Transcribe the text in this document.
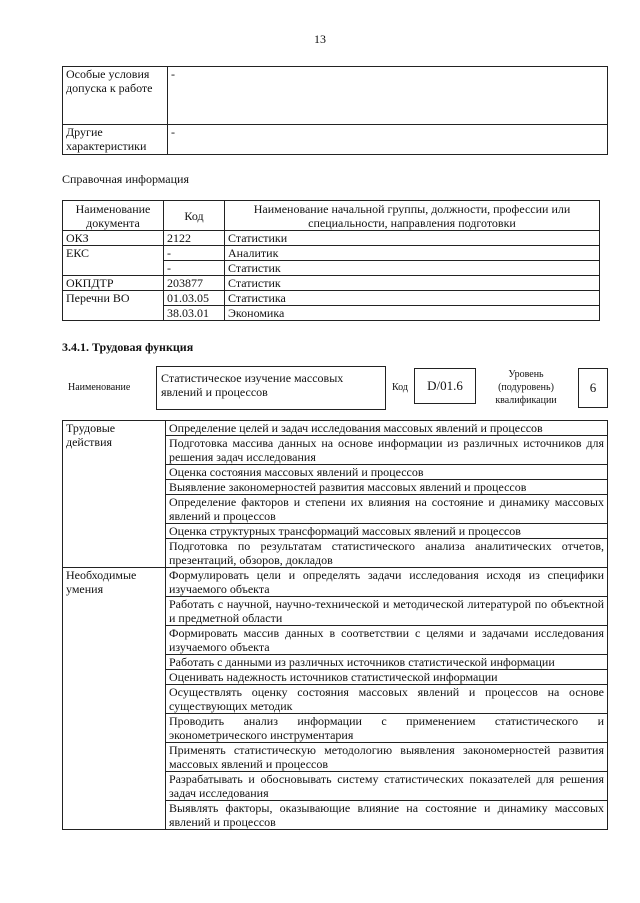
13
Особые условия допуска к работе	-
Другие характеристики	-
Справочная информация
Наименование документа	Код	Наименование начальной группы, должности, профессии или специальности, направления подготовки
ОКЗ	2122	Статистики
ЕКС	-	Аналитик
	-	Статистик
ОКПДТР	203877	Статистик
Перечни ВО	01.03.05	Статистика
	38.03.01	Экономика
3.4.1. Трудовая функция
Наименование
Статистическое изучение массовых явлений и процессов	Код	D/01.6
Уровень (подуровень) квалификации
6
Трудовые действия	Определение целей и задач исследования массовых явлений и процессов
	Подготовка массива данных на основе информации из различных источников для решения задач исследования
	Оценка состояния массовых явлений и процессов
	Выявление закономерностей развития массовых явлений и процессов
	Определение факторов и степени их влияния на состояние и динамику массовых явлений и процессов
	Оценка структурных трансформаций массовых явлений и процессов
	Подготовка по результатам статистического анализа аналитических отчетов, презентаций, обзоров, докладов
Необходимые умения	Формулировать цели и определять задачи исследования исходя из специфики изучаемого объекта
	Работать с научной, научно-технической и методической литературой по объектной и предметной области
	Формировать массив данных в соответствии с целями и задачами исследования изучаемого объекта
	Работать с данными из различных источников статистической информации
	Оценивать надежность источников статистической информации
	Осуществлять оценку состояния массовых явлений и процессов на основе существующих методик
	Проводить анализ информации с применением статистического и эконометрического инструментария
	Применять статистическую методологию выявления закономерностей развития массовых явлений и процессов
	Разрабатывать и обосновывать систему статистических показателей для решения задач исследования
	Выявлять факторы, оказывающие влияние на состояние и динамику массовых явлений и процессов
